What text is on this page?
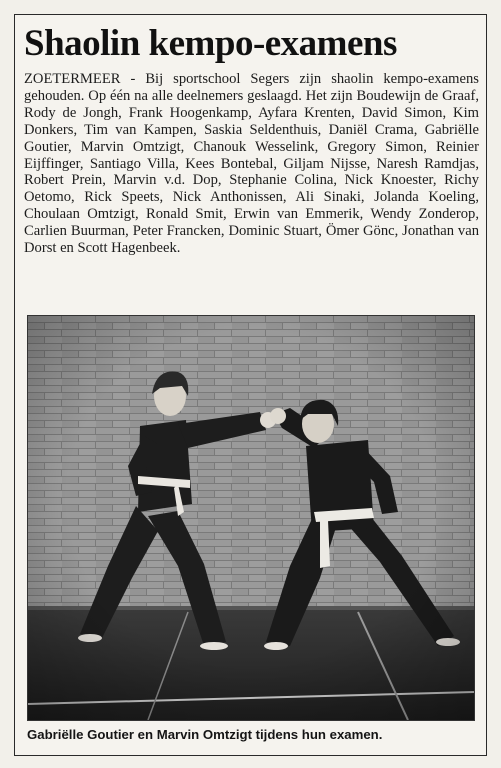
Shaolin kempo-examens

ZOETERMEER - Bij sportschool Segers zijn shaolin kempo-examens gehouden. Op één na alle deelnemers geslaagd. Het zijn Boudewijn de Graaf, Rody de Jongh, Frank Hoogenkamp, Ayfara Krenten, David Simon, Kim Donkers, Tim van Kampen, Saskia Seldenthuis, Daniël Crama, Gabriëlle Goutier, Marvin Omtzigt, Chanouk Wesselink, Gregory Simon, Reinier Eijffinger, Santiago Villa, Kees Bontebal, Giljam Nijsse, Naresh Ramdjas, Robert Prein, Marvin v.d. Dop, Stephanie Colina, Nick Knoester, Richy Oetomo, Rick Speets, Nick Anthonissen, Ali Sinaki, Jolanda Koeling, Choulaan Omtzigt, Ronald Smit, Erwin van Emmerik, Wendy Zonderop, Carlien Buurman, Peter Francken, Dominic Stuart, Ömer Gönc, Jonathan van Dorst en Scott Hagenbeek.

Gabriëlle Goutier en Marvin Omtzigt tijdens hun examen.
